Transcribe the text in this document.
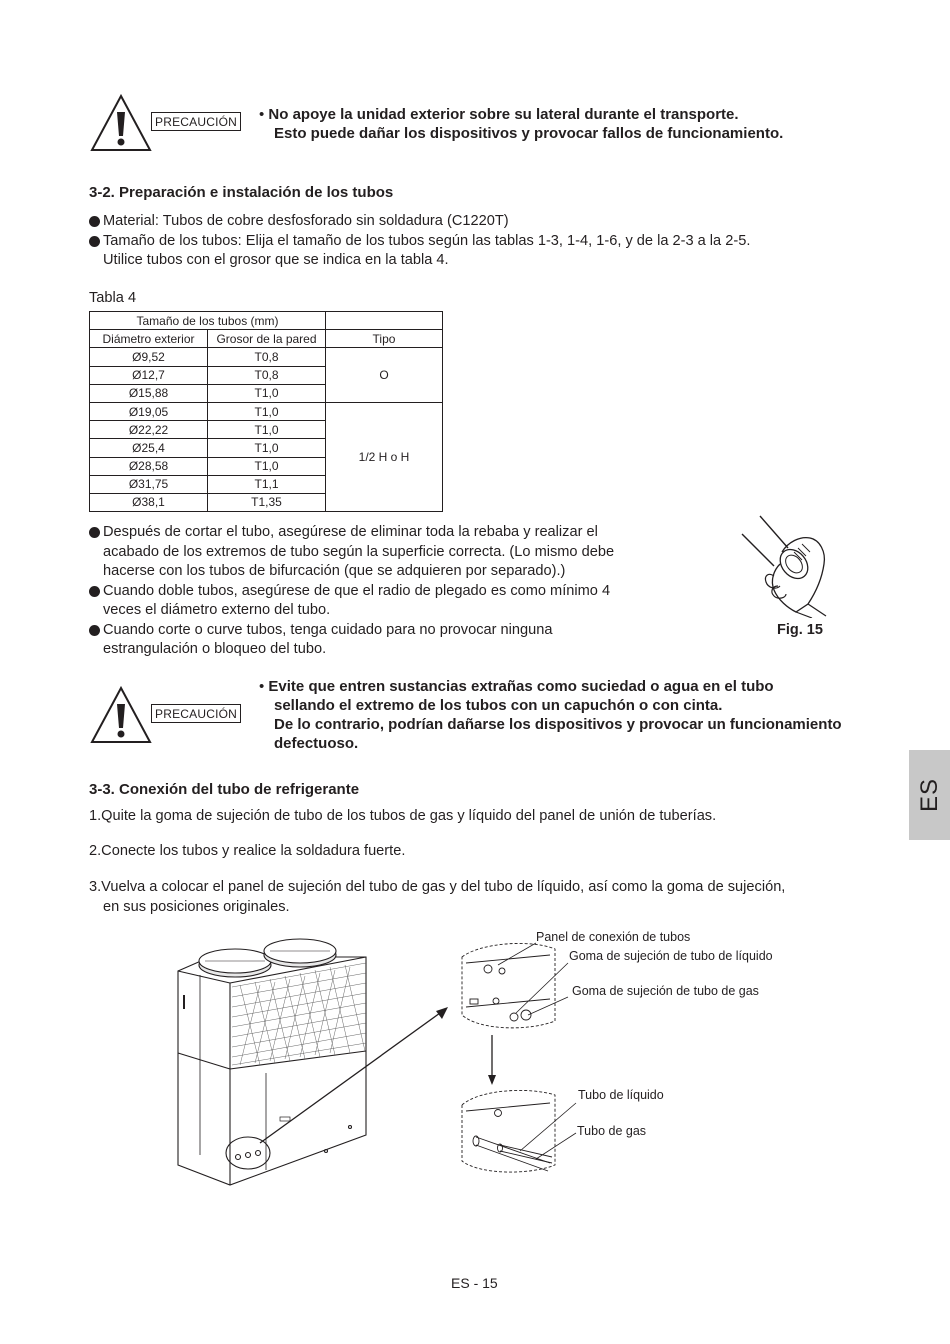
PRECAUCIÓN • No apoye la unidad exterior sobre su lateral durante el transporte.
Esto puede dañar los dispositivos y provocar fallos de funcionamiento.
3-2. Preparación e instalación de los tubos
Material: Tubos de cobre desfosforado sin soldadura (C1220T)
Tamaño de los tubos: Elija el tamaño de los tubos según las tablas 1-3, 1-4, 1-6, y de la 2-3 a la 2-5.
Utilice tubos con el grosor que se indica en la tabla 4.
Tabla 4
Tamaño de los tubos (mm)		
Diámetro exterior	Grosor de la pared	Tipo
Ø9,52	T0,8	O
Ø12,7	T0,8	
Ø15,88	T1,0	
Ø19,05	T1,0	1/2 H o H
Ø22,22	T1,0	
Ø25,4	T1,0	
Ø28,58	T1,0	
Ø31,75	T1,1	
Ø38,1	T1,35	
Después de cortar el tubo, asegúrese de eliminar toda la rebaba y realizar el
acabado de los extremos de tubo según la superficie correcta. (Lo mismo debe
hacerse con los tubos de bifurcación (que se adquieren por separado).)
Cuando doble tubos, asegúrese de que el radio de plegado es como mínimo 4
veces el diámetro externo del tubo.
Cuando corte o curve tubos, tenga cuidado para no provocar ninguna
estrangulación o bloqueo del tubo.
Fig. 15
PRECAUCIÓN
• Evite que entren sustancias extrañas como suciedad o agua en el tubo
sellando el extremo de los tubos con un capuchón o con cinta.
De lo contrario, podrían dañarse los dispositivos y provocar un funcionamiento
defectuoso.
ES
3-3. Conexión del tubo de refrigerante
1.Quite la goma de sujeción de tubo de los tubos de gas y líquido del panel de unión de tuberías.
2.Conecte los tubos y realice la soldadura fuerte.
3.Vuelva a colocar el panel de sujeción del tubo de gas y del tubo de líquido, así como la goma de sujeción,
en sus posiciones originales.
Panel de conexión de tubos
Goma de sujeción de tubo de líquido
Goma de sujeción de tubo de gas
Tubo de líquido
Tubo de gas
ES - 15
